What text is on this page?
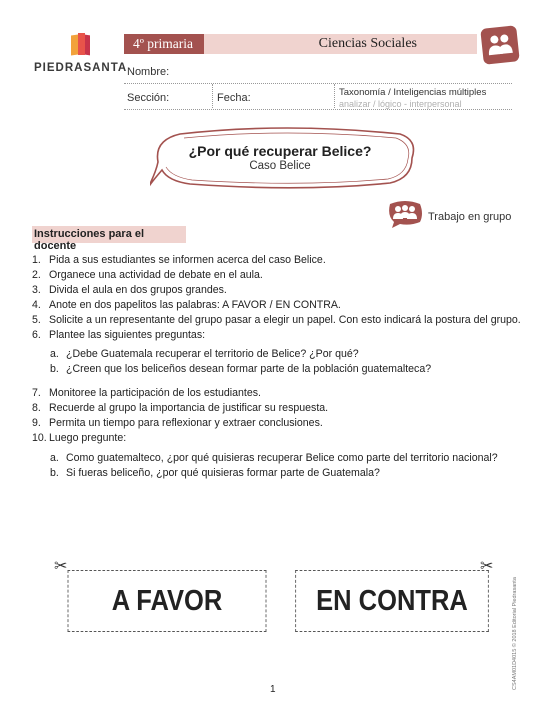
PIEDRASANTA
4º primaria	Ciencias Sociales
Nombre:
Sección:	Fecha:	Taxonomía / Inteligencias múltiples
analizar / lógico - interpersonal
¿Por qué recuperar Belice?
Caso Belice
Trabajo en grupo
Instrucciones para el docente
1. Pida a sus estudiantes se informen acerca del caso Belice.
2. Organece una actividad de debate en el aula.
3. Divida el aula en dos grupos grandes.
4. Anote en dos papelitos las palabras: A FAVOR / EN CONTRA.
5. Solicite a un representante del grupo pasar a elegir un papel. Con esto indicará la postura del grupo.
6. Plantee las siguientes preguntas:
a. ¿Debe Guatemala recuperar el territorio de Belice? ¿Por qué?
b. ¿Creen que los beliceños desean formar parte de la población guatemalteca?
7. Monitoree la participación de los estudiantes.
8. Recuerde al grupo la importancia de justificar su respuesta.
9. Permita un tiempo para reflexionar y extraer conclusiones.
10. Luego pregunte:
a. Como guatemalteco, ¿por qué quisieras recuperar Belice como parte del territorio nacional?
b. Si fueras beliceño, ¿por qué quisieras formar parte de Guatemala?
✂
A FAVOR
✂
EN CONTRA	CS4AM01D4015 © 2018 Editorial Piedrasanta
1
